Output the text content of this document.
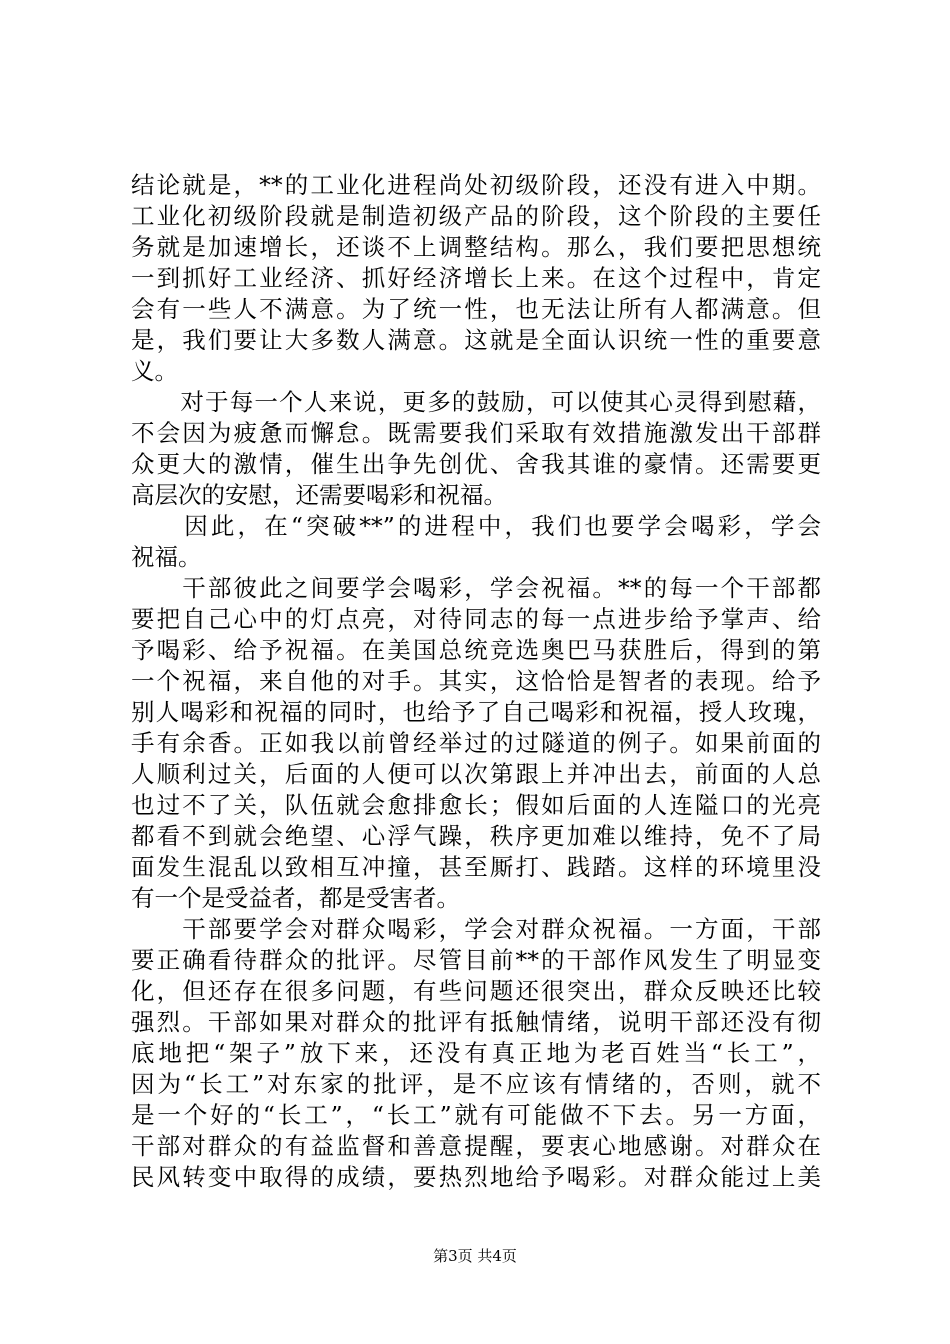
结论就是，**的工业化进程尚处初级阶段，还没有进入中期。
工业化初级阶段就是制造初级产品的阶段，这个阶段的主要任
务就是加速增长，还谈不上调整结构。那么，我们要把思想统
一到抓好工业经济、抓好经济增长上来。在这个过程中，肯定
会有一些人不满意。为了统一性，也无法让所有人都满意。但
是，我们要让大多数人满意。这就是全面认识统一性的重要意
义。
　　对于每一个人来说，更多的鼓励，可以使其心灵得到慰藉，
不会因为疲惫而懈怠。既需要我们采取有效措施激发出干部群
众更大的激情，催生出争先创优、舍我其谁的豪情。还需要更
高层次的安慰，还需要喝彩和祝福。
　　因此，在“突破**”的进程中，我们也要学会喝彩，学会
祝福。
　　干部彼此之间要学会喝彩，学会祝福。**的每一个干部都
要把自己心中的灯点亮，对待同志的每一点进步给予掌声、给
予喝彩、给予祝福。在美国总统竞选奥巴马获胜后，得到的第
一个祝福，来自他的对手。其实，这恰恰是智者的表现。给予
别人喝彩和祝福的同时，也给予了自己喝彩和祝福，授人玫瑰，
手有余香。正如我以前曾经举过的过隧道的例子。如果前面的
人顺利过关，后面的人便可以次第跟上并冲出去，前面的人总
也过不了关，队伍就会愈排愈长；假如后面的人连隘口的光亮
都看不到就会绝望、心浮气躁，秩序更加难以维持，免不了局
面发生混乱以致相互冲撞，甚至厮打、践踏。这样的环境里没
有一个是受益者，都是受害者。
　　干部要学会对群众喝彩，学会对群众祝福。一方面，干部
要正确看待群众的批评。尽管目前**的干部作风发生了明显变
化，但还存在很多问题，有些问题还很突出，群众反映还比较
强烈。干部如果对群众的批评有抵触情绪，说明干部还没有彻
底地把“架子”放下来，还没有真正地为老百姓当“长工”，
因为“长工”对东家的批评，是不应该有情绪的，否则，就不
是一个好的“长工”，“长工”就有可能做不下去。另一方面，
干部对群众的有益监督和善意提醒，要衷心地感谢。对群众在
民风转变中取得的成绩，要热烈地给予喝彩。对群众能过上美
第3页 共4页
